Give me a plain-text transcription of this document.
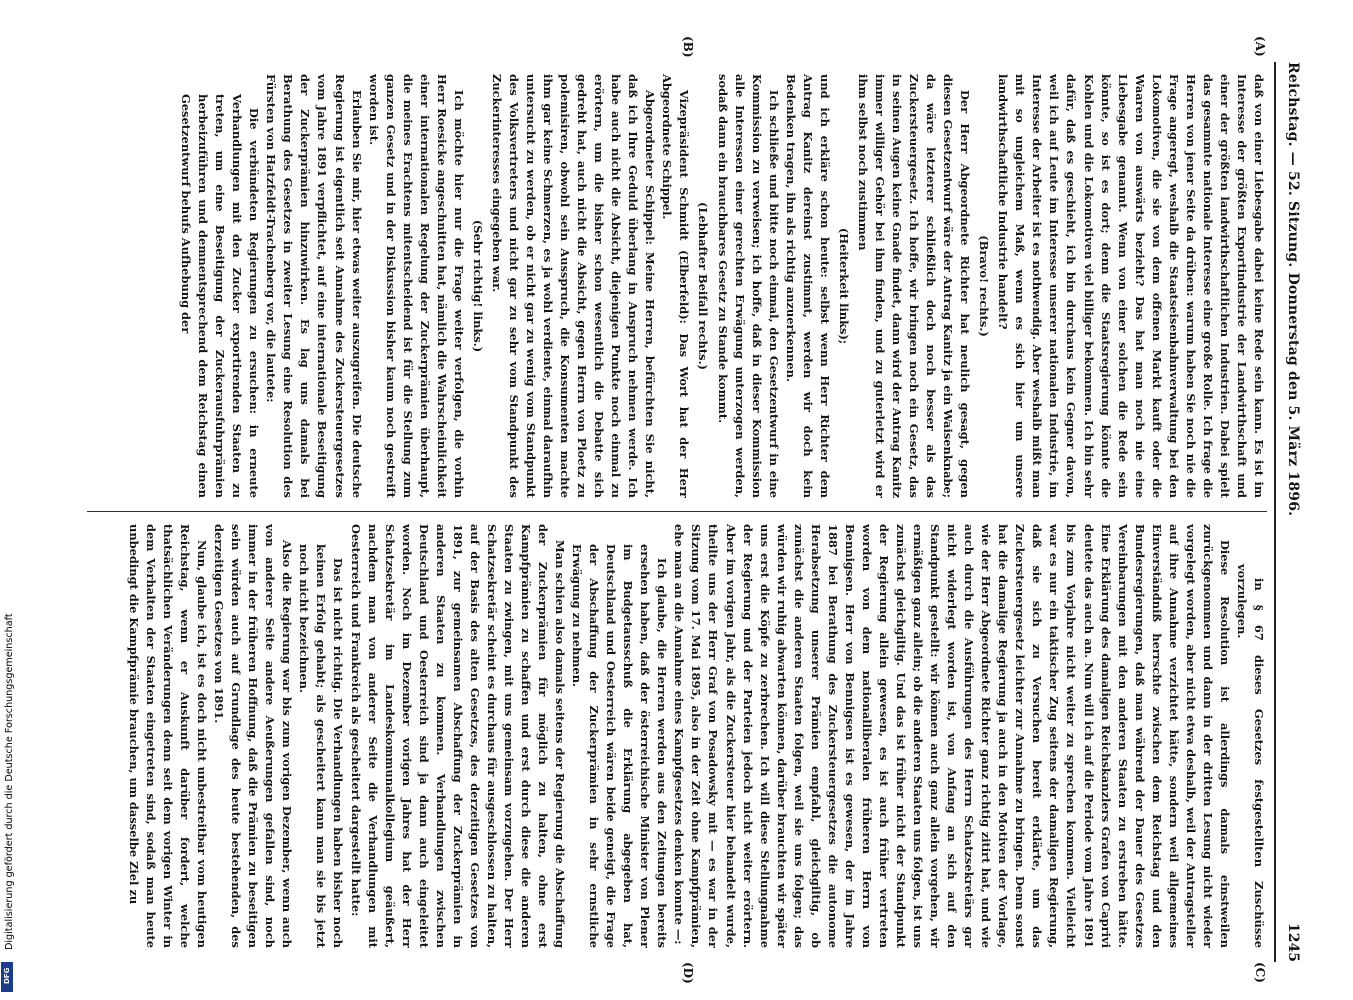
Reichstag. — 52. Sitzung. Donnerstag den 5. März 1896.
1245

daß von einer Liebesgabe dabei keine Rede sein kann. Es ist im Interesse der größten Exportindustrie der Landwirthschaft und einer der größten landwirthschaftlichen Industrien. Dabei spielt das gesammte nationale Interesse eine große Rolle. Ich frage die Herren von jener Seite da drüben: warum haben Sie noch nie die Frage angeregt, weshalb die Staatseisenbahnverwaltung bei den Lokomotiven, die sie von dem offenen Markt kauft oder die Waaren von auswärts bezieht? Das hat man noch nie eine Liebesgabe genannt. Wenn von einer solchen die Rede sein könnte, so ist es dort; denn die Staatsregierung könnte die Kohlen und die Lokomotiven viel billiger bekommen. Ich bin sehr dafür, daß es geschieht, ich bin durchaus kein Gegner davon, weil ich auf Leute im Interesse unserer nationalen Industrie, im Interesse der Arbeiter ist es nothwendig. Aber weshalb mißt man mit so ungleichem Maß, wenn es sich hier um unsere landwirthschaftliche Industrie handelt?

(Bravo! rechts.)

Der Herr Abgeordnete Richter hat neulich gesagt, gegen diesen Gesetzentwurf wäre der Antrag Kanitz ja ein Waisenknabe; da wäre letzterer schließlich doch noch besser als das Zuckersteuergesetz. Ich hoffe, wir bringen noch ein Gesetz, das in seinen Augen keine Gnade findet, dann wird der Antrag Kanitz immer williger Gehör bei ihm finden, und zu guterletzt wird er ihm selbst noch zustimmen

(Heiterkeit links);

und ich erkläre schon heute: selbst wenn Herr Richter dem Antrag Kanitz dereinst zustimmt, werden wir doch kein Bedenken tragen, ihn als richtig anzuerkennen.

Ich schließe und bitte noch einmal, den Gesetzentwurf in eine Kommission zu verweisen; ich hoffe, daß in dieser Kommission alle Interessen einer gerechten Erwägung unterzogen werden, sodaß dann ein brauchbares Gesetz zu Stande kommt.

(Lebhafter Beifall rechts.)

Vizepräsident Schmidt (Elberfeld): Das Wort hat der Herr Abgeordnete Schippel.

Abgeordneter Schippel: Meine Herren, befürchten Sie nicht, daß ich Ihre Geduld überlang in Anspruch nehmen werde. Ich habe auch nicht die Absicht, diejenigen Punkte noch einmal zu erörtern, um die bisher schon wesentlich die Debatte sich gedreht hat, auch nicht die Absicht, gegen Herrn von Ploetz zu polemisiren, obwohl sein Ausspruch, die Konsumenten machte ihm gar keine Schmerzen, es ja wohl verdiente, einmal daraufhin untersucht zu werden, ob er nicht gar zu wenig vom Standpunkt des Volksvertreters und nicht gar zu sehr vom Standpunkt des Zuckerinteresses eingegeben war.

(Sehr richtig! links.)

Ich möchte hier nur die Frage weiter verfolgen, die vorhin Herr Roesicke angeschnitten hat, nämlich die Wahrscheinlichkeit einer internationalen Regelung der Zuckerprämien überhaupt, die meines Erachtens mitentscheidend ist für die Stellung zum ganzen Gesetz und in der Diskussion bisher kaum noch gestreift worden ist.

Erlauben Sie mir, hier etwas weiter auszugreifen. Die deutsche Regierung ist eigentlich seit Annahme des Zuckersteuergesetzes vom Jahre 1891 verpflichtet, auf eine internationale Beseitigung der Zuckerprämien hinzuwirken. Es lag uns damals bei Berathung des Gesetzes in zweiter Lesung eine Resolution des Fürsten von Hatzfeldt-Trachenberg vor, die lautete:

Die verbündeten Regierungen zu ersuchen: in erneute Verhandlungen mit den Zucker exportirenden Staaten zu treten, um eine Beseitigung der Zuckerausfuhrprämien herbeizuführen und demnentsprechend dem Reichstag einen Gesetzentwurf behufs Aufhebung der

in § 67 dieses Gesetzes festgestellten Zuschüsse vorzulegen.

Diese Resolution ist allerdings damals einstweilen zurückgenommen und dann in der dritten Lesung nicht wieder vorgelegt worden, aber nicht etwa deshalb, weil der Antragsteller auf ihre Annahme verzichtet hätte, sondern weil allgemeines Einverständniß herrschte zwischen dem Reichstag und den Bundesregierungen, daß man während der Dauer des Gesetzes Vereinbarungen mit den anderen Staaten zu erstreben hätte. Eine Erklärung des damaligen Reichskanzlers Grafen von Caprivi deutete das auch an. Nun will ich auf die Periode vom Jahre 1891 bis zum Vorjahre nicht weiter zu sprechen kommen. Vielleicht war es nur ein taktischer Zug seitens der damaligen Regierung, daß sie sich zu Versuchen bereit erklärte, um das Zuckersteuergesetz leichter zur Annahme zu bringen. Denn sonst hat die damalige Regierung ja auch in den Motiven der Vorlage, wie der Herr Abgeordnete Richter ganz richtig zitirt hat, und wie auch durch die Ausführungen des Herrn Schatzsekretärs gar nicht widerlegt worden ist, von Anfang an sich auf den Standpunkt gestellt: wir können auch ganz allein vorgehen, wir ermäßigen ganz allein; ob die anderen Staaten uns folgen, ist uns zunächst gleichgiltig. Und das ist früher nicht der Standpunkt der Regierung allein gewesen, es ist auch früher vertreten worden von dem nationalliberalen früheren Herrn von Bennigsen. Herr von Bennigsen ist es gewesen, der im Jahre 1887 bei Berathung des Zuckersteuergesetzes die autonome Herabsetzung unserer Prämien empfahl, gleichgiltig, ob zunächst die anderen Staaten folgen, weil sie uns folgen; das würden wir ruhig abwarten können, darüber brauchten wir später uns erst die Köpfe zu zerbrechen. Ich will diese Stellungnahme der Regierung und der Parteien jedoch nicht weiter erörtern. Aber im vorigen Jahr, als die Zuckersteuer hier behandelt wurde, theilte uns der Herr Graf von Posadowsky mit — es war in der Sitzung vom 17. Mai 1895, also in der Zeit ohne Kampfprämien, ehe man an die Annahme eines Kampfgesetzes denken konnte —:

Ich glaube, die Herren werden aus den Zeitungen bereits ersehen haben, daß der österreichische Minister von Plener im Budgetausschuß die Erklärung abgegeben hat, Deutschland und Oesterreich wären beide geneigt, die Frage der Abschaffung der Zuckerprämien in sehr ernstliche Erwägung zu nehmen.

Man schien also damals seitens der Regierung die Abschaffung der Zuckerprämien für möglich zu halten, ohne erst Kampfprämien zu schaffen und erst durch diese die anderen Staaten zu zwingen, mit uns gemeinsam vorzugehen. Der Herr Schatzsekretär scheint es durchaus für ausgeschlossen zu halten, auf der Basis des alten Gesetzes, des derzeitigen Gesetzes von 1891, zur gemeinsamen Abschaffung der Zuckerprämien in anderen Staaten zu kommen. Verhandlungen zwischen Deutschland und Oesterreich sind ja dann auch eingeleitet worden. Noch im Dezember vorigen Jahres hat der Herr Schatzsekretär im Landeskommunalkollegium geäußert, nachdem man von anderer Seite die Verhandlungen mit Oesterreich und Frankreich als gescheitert dargestellt hatte:

Das ist nicht richtig. Die Verhandlungen haben bisher noch keinen Erfolg gehabt; als gescheitert kann man sie bis jetzt noch nicht bezeichnen.

Also die Regierung war bis zum vorigen Dezember, wenn auch von anderer Seite andere Aeußerungen gefallen sind, noch immer in der früheren Hoffnung, daß die Prämien zu beseitigen sein würden auch auf Grundlage des heute bestehenden, des derzeitigen Gesetzes von 1891.

Nun, glaube ich, ist es doch nicht unbestreitbar vom heutigen Reichstag, wenn er Auskunft darüber fordert, welche thatsächlichen Veränderungen denn seit dem vorigen Winter in dem Verhalten der Staaten eingetreten sind, sodaß man heute unbedingt die Kampfprämie brauchen, um dasselbe Ziel zu

(A)
(B)
(C)
(D)
Digitalisierung gefördert durch die Deutsche Forschungsgemeinschaft
DFG
